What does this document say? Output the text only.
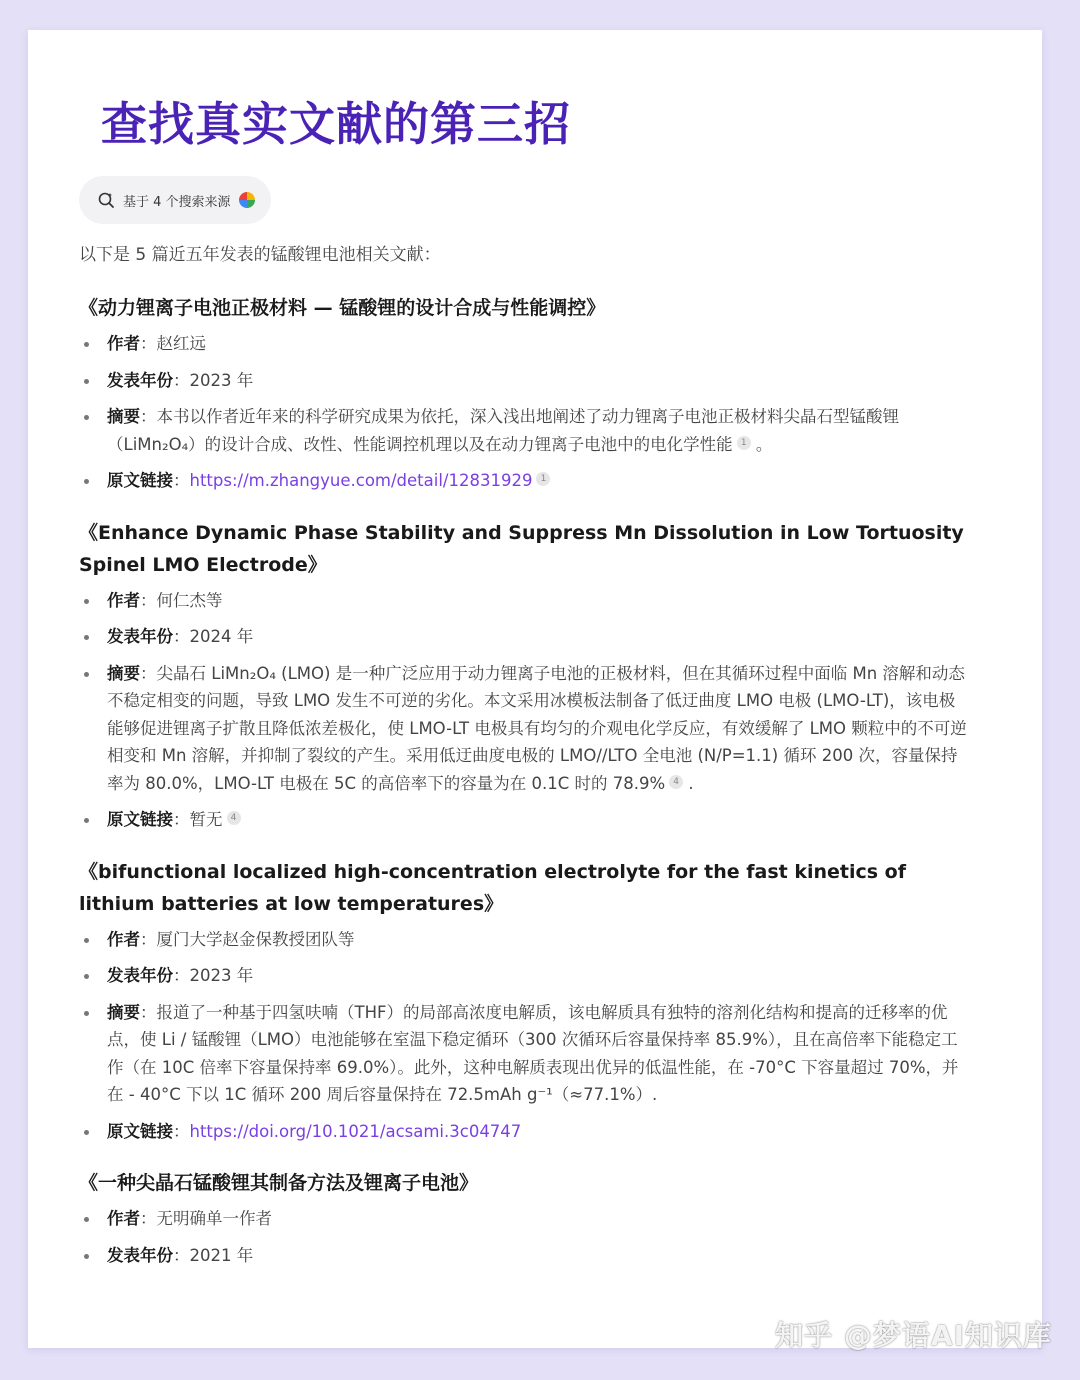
查找真实文献的第三招
基于 4 个搜索来源
以下是 5 篇近五年发表的锰酸锂电池相关文献：
《动力锂离子电池正极材料 — 锰酸锂的设计合成与性能调控》
作者：赵红远
发表年份：2023 年
摘要：本书以作者近年来的科学研究成果为依托，深入浅出地阐述了动力锂离子电池正极材料尖晶石型锰酸锂（LiMn₂O₄）的设计合成、改性、性能调控机理以及在动力锂离子电池中的电化学性能 1 。
原文链接：https://m.zhangyue.com/detail/12831929 1
《Enhance Dynamic Phase Stability and Suppress Mn Dissolution in Low Tortuosity Spinel LMO Electrode》
作者：何仁杰等
发表年份：2024 年
摘要：尖晶石 LiMn₂O₄ (LMO) 是一种广泛应用于动力锂离子电池的正极材料，但在其循环过程中面临 Mn 溶解和动态不稳定相变的问题，导致 LMO 发生不可逆的劣化。本文采用冰模板法制备了低迂曲度 LMO 电极 (LMO-LT)，该电极能够促进锂离子扩散且降低浓差极化，使 LMO-LT 电极具有均匀的介观电化学反应，有效缓解了 LMO 颗粒中的不可逆相变和 Mn 溶解，并抑制了裂纹的产生。采用低迂曲度电极的 LMO//LTO 全电池 (N/P=1.1) 循环 200 次，容量保持率为 80.0%，LMO-LT 电极在 5C 的高倍率下的容量为在 0.1C 时的 78.9% 4 .
原文链接：暂无 4
《bifunctional localized high-concentration electrolyte for the fast kinetics of lithium batteries at low temperatures》
作者：厦门大学赵金保教授团队等
发表年份：2023 年
摘要：报道了一种基于四氢呋喃（THF）的局部高浓度电解质，该电解质具有独特的溶剂化结构和提高的迁移率的优点，使 Li / 锰酸锂（LMO）电池能够在室温下稳定循环（300 次循环后容量保持率 85.9%），且在高倍率下能稳定工作（在 10C 倍率下容量保持率 69.0%）。此外，这种电解质表现出优异的低温性能，在 -70°C 下容量超过 70%，并在 - 40°C 下以 1C 循环 200 周后容量保持在 72.5mAh g⁻¹（≈77.1%）.
原文链接：https://doi.org/10.1021/acsami.3c04747
《一种尖晶石锰酸锂其制备方法及锂离子电池》
作者：无明确单一作者
发表年份：2021 年
知乎 @梦语AI知识库
